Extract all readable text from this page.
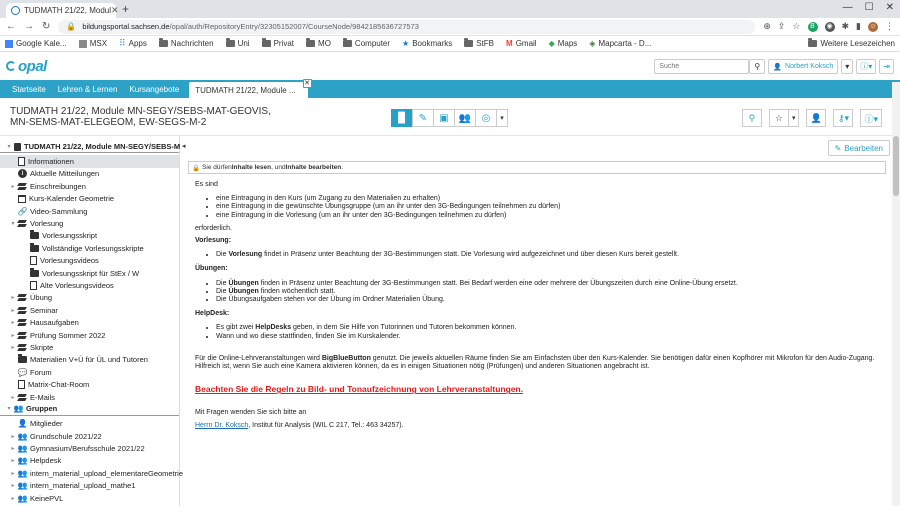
TUDMATH 21/22, Modul ✕ +	— ☐ ✕
← → ↻ 🔒 bildungsportal.sachsen.de /opal/auth/RepositoryEntry/32305152007/CourseNode/9842185636727573	⊕ ⇪ ☆	B	◉ ✱ ▮ ☺ ⋮
Google Kale...	MSX ⠿ Apps	Nachrichten	Uni	Privat	MO	Computer ★ Bookmarks	StFB M Gmail ◆ Maps ◈ Mapcarta - D...	Weitere Lesezeichen
opal
Suche	⚲ 👤 Norbert Koksch ▾ ⓘ▾ ⇥
Startseite	Lehren & Lernen	Kursangebote	TUDMATH 21/22, Module ...
✕
TUDMATH 21/22, Module MN-SEGY/SEBS-MAT-GEOVIS, MN-SEMS-MAT-ELEGEOM, EW-SEGS-M-2	▉ ✎ ▣ 👥 ◎ ▾	⚲ ☆ ▾ 👤 ⚷▾ ⓘ▾
▾	TUDMATH 21/22, Module MN-SEGY/SEBS-M
Informationen
i Aktuelle Mitteilungen
▸	Einschreibungen
Kurs-Kalender Geometrie
🔗 Video-Sammlung
▾	Vorlesung
Vorlesungsskript
Vollständige Vorlesungsskripte
Vorlesungsvideos
Vorlesungsskript für StEx / W
Alte Vorlesungsvideos
▸	Übung
▸	Seminar
▸	Hausaufgaben
▸	Prüfung Sommer 2022
▸	Skripte
Materialien V+Ü für ÜL und Tutoren
💬 Forum
Matrix-Chat-Room
▸	E-Mails
▾ 👥 Gruppen
👤 Mitglieder
▸ 👥 Grundschule 2021/22
▸ 👥 Gymnasium/Berufsschule 2021/22
▸ 👥 Helpdesk
▸ 👥 intern_material_upload_elementareGeometrie
▸ 👥 intern_material_upload_mathe1
▸ 👥 KeinePVL
◂	✎ Bearbeiten
🔒 Sie dürfen Inhalte lesen , und Inhalte bearbeiten .

Es sind

• eine Eintragung in den Kurs (um Zugang zu den Materialien zu erhalten)
• eine Eintragung in die gewünschte Übungsgruppe (um an ihr unter den 3G-Bedingungen teilnehmen zu dürfen)
• eine Eintragung in die Vorlesung (um an ihr unter den 3G-Bedingungen teilnehmen zu dürfen)

erforderlich.

Vorlesung:
• Die Vorlesung findet in Präsenz unter Beachtung der 3G-Bestimmungen statt. Die Vorlesung wird aufgezeichnet und über diesen Kurs bereit gestellt.
Übungen:
• Die Übungen finden in Präsenz unter Beachtung der 3G-Bestimmungen statt. Bei Bedarf werden eine oder mehrere der Übungszeiten durch eine Online-Übung ersetzt.
• Die Übungen finden wöchentlich statt.
• Die Übungsaufgaben stehen vor der Übung im Ordner Materialien Übung.
HelpDesk:
• Es gibt zwei HelpDesks geben, in dem Sie Hilfe von Tutorinnen und Tutoren bekommen können.
• Wann und wo diese stattfinden, finden Sie im Kurskalender.

Für die Online-Lehrveranstaltungen wird BigBlueButton genutzt. Die jeweils aktuellen Räume finden Sie am Einfachsten über den Kurs-Kalender. Sie benötigen dafür einen Kopfhörer mit Mikrofon für den Audio-Zugang. Hilfreich ist, wenn Sie auch eine Kamera aktivieren können, da es in einigen Situationen nötig (Prüfungen) und anderen Situationen angebracht ist.

Beachten Sie die Regeln zu Bild- und Tonaufzeichnung von Lehrveranstaltungen.

Mit Fragen wenden Sie sich bitte an

Herrn Dr. Koksch, Institut für Analysis (WIL C 217, Tel.: 463 34257).
